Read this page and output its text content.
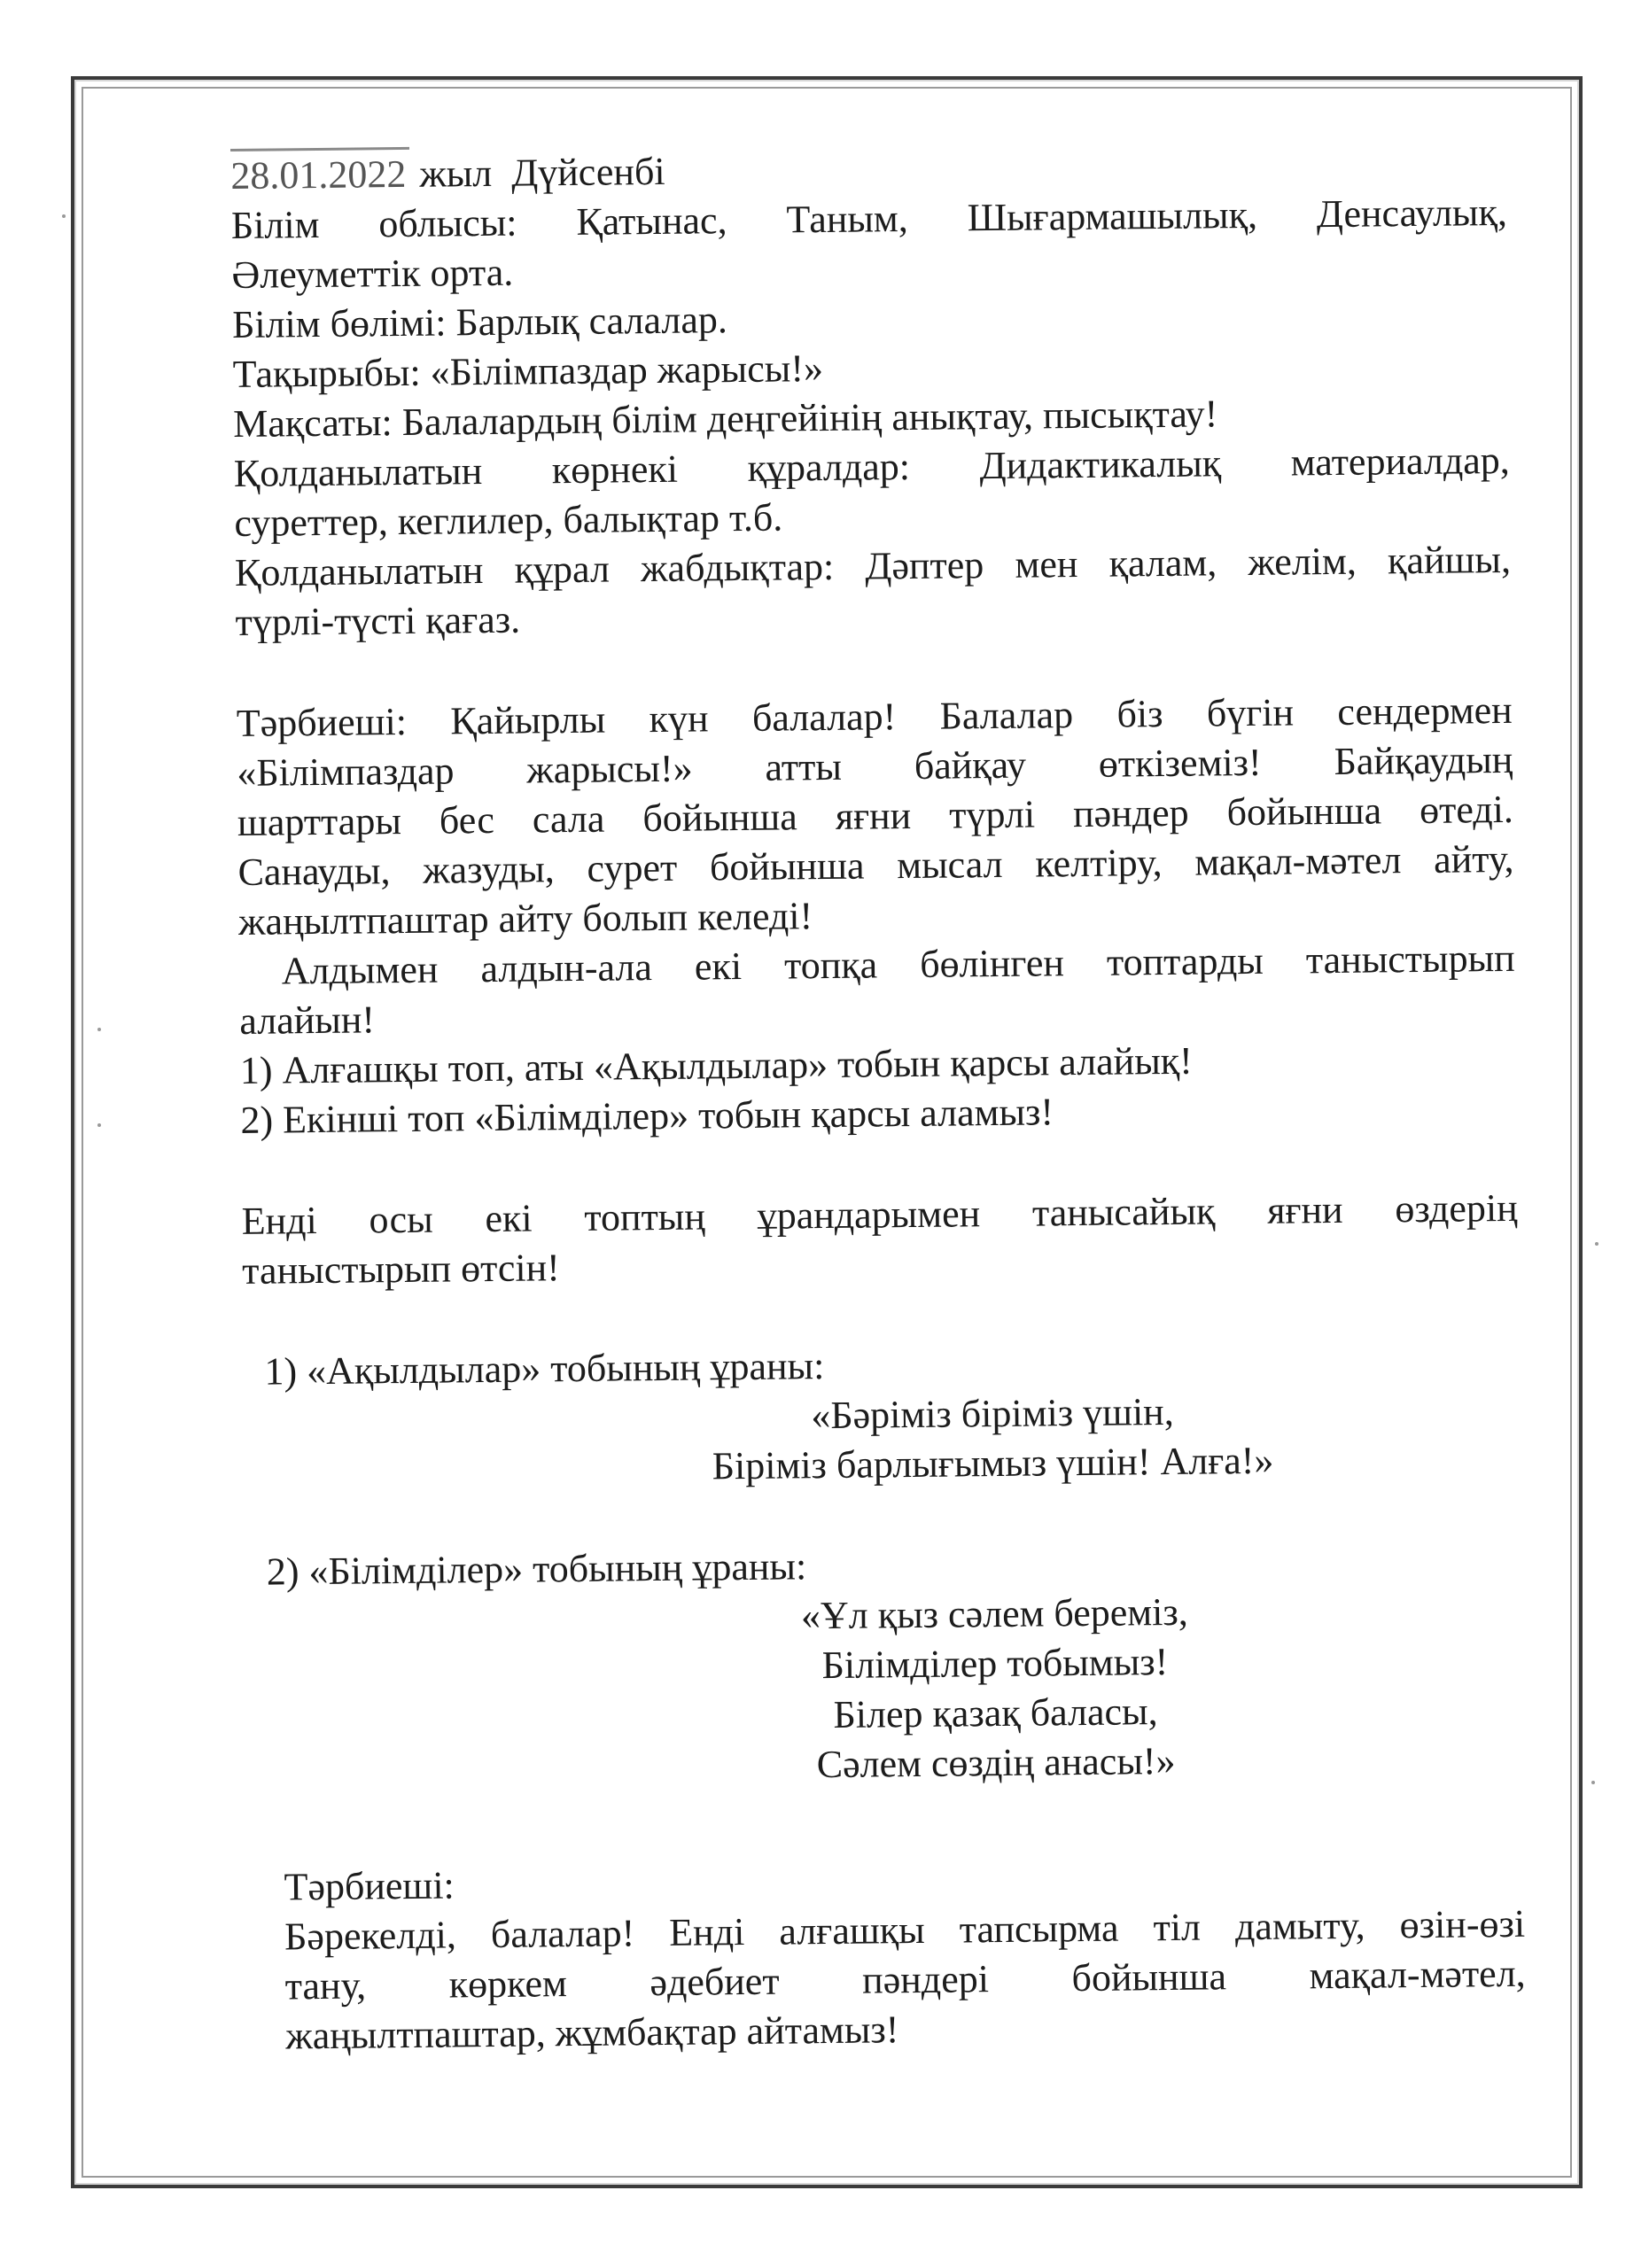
28.01.2022 жыл  Дүйсенбі
Білім облысы: Қатынас, Таным, Шығармашылық, Денсаулық,
Әлеуметтік орта.
Білім бөлімі: Барлық салалар.
Тақырыбы: «Білімпаздар жарысы!»
Мақсаты: Балалардың білім деңгейінің анықтау, пысықтау!
Қолданылатын көрнекі құралдар: Дидактикалық материалдар,
суреттер, кеглилер, балықтар т.б.
Қолданылатын құрал жабдықтар: Дәптер мен қалам, желім, қайшы,
түрлі-түсті қағаз.
Тәрбиеші: Қайырлы күн балалар! Балалар біз бүгін сендермен
«Білімпаздар жарысы!» атты байқау өткіземіз! Байқаудың
шарттары бес сала бойынша яғни түрлі пәндер бойынша өтеді.
Санауды, жазуды, сурет бойынша мысал келтіру, мақал-мәтел айту,
жаңылтпаштар айту болып келеді!
Алдымен алдын-ала екі топқа бөлінген топтарды таныстырып
алайын!
1) Алғашқы топ, аты «Ақылдылар» тобын қарсы алайық!
2) Екінші топ «Білімділер» тобын қарсы аламыз!
Енді осы екі топтың ұрандарымен танысайық яғни өздерің
таныстырып өтсін!
1) «Ақылдылар» тобының ұраны:
«Бәріміз біріміз үшін,
Біріміз барлығымыз үшін! Алға!»
2) «Білімділер» тобының ұраны:
«Ұл қыз сәлем береміз,
Білімділер тобымыз!
Білер қазақ баласы,
Сәлем сөздің анасы!»
Тәрбиеші:
Бәрекелді, балалар! Енді алғашқы тапсырма тіл дамыту, өзін-өзі
тану, көркем әдебиет пәндері бойынша мақал-мәтел,
жаңылтпаштар, жұмбақтар айтамыз!
